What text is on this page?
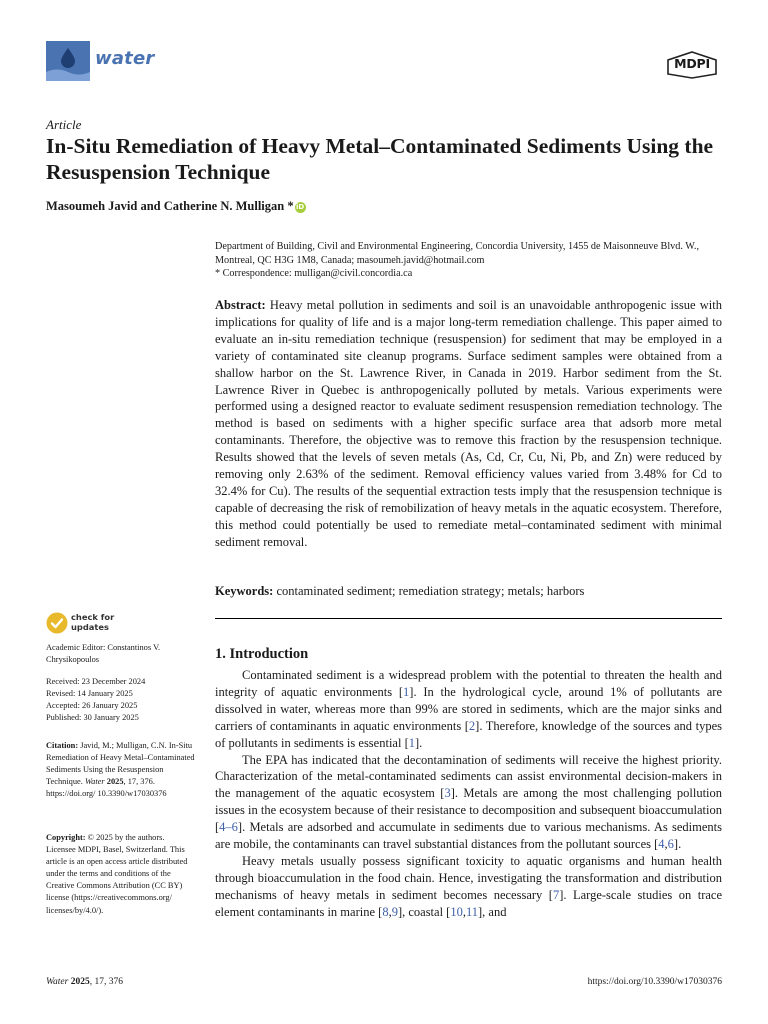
water	MDPI
Article
In-Situ Remediation of Heavy Metal–Contaminated Sediments Using the Resuspension Technique
Masoumeh Javid and Catherine N. Mulligan * iD

Department of Building, Civil and Environmental Engineering, Concordia University, 1455 de Maisonneuve Blvd. W., Montreal, QC H3G 1M8, Canada; masoumeh.javid@hotmail.com

* Correspondence: mulligan@civil.concordia.ca

Abstract: Heavy metal pollution in sediments and soil is an unavoidable anthropogenic issue with implications for quality of life and is a major long-term remediation challenge. This paper aimed to evaluate an in-situ remediation technique (resuspension) for sediment that may be employed in a variety of contaminated site cleanup programs. Surface sediment samples were obtained from a shallow harbor on the St. Lawrence River, in Canada in 2019. Harbor sediment from the St. Lawrence River in Quebec is anthropogenically polluted by metals. Various experiments were performed using a designed reactor to evaluate sediment resuspension remediation technology. The method is based on sediments with a higher specific surface area that adsorb more metal contaminants. Therefore, the objective was to remove this fraction by the resuspension technique. Results showed that the levels of seven metals (As, Cd, Cr, Cu, Ni, Pb, and Zn) were reduced by removing only 2.63% of the sediment. Removal efficiency values varied from 3.48% for Cd to 32.4% for Cu). The results of the sequential extraction tests imply that the resuspension technique is capable of decreasing the risk of remobilization of heavy metals in the aquatic ecosystem. Therefore, this method could potentially be used to remediate metal–contaminated sediment with minimal sediment removal.
Keywords: contaminated sediment; remediation strategy; metals; harbors
check for
updates
Academic Editor: Constantinos V. Chrysikopoulos

Received: 23 December 2024

Revised: 14 January 2025

Accepted: 26 January 2025

Published: 30 January 2025

Citation: Javid, M.; Mulligan, C.N. In-Situ Remediation of Heavy Metal–Contaminated Sediments Using the Resuspension Technique. Water 2025, 17, 376. https://doi.org/ 10.3390/w17030376
Copyright: © 2025 by the authors. Licensee MDPI, Basel, Switzerland. This article is an open access article distributed under the terms and conditions of the Creative Commons Attribution (CC BY) license (https://creativecommons.org/ licenses/by/4.0/).
1. Introduction

Contaminated sediment is a widespread problem with the potential to threaten the health and integrity of aquatic environments [1]. In the hydrological cycle, around 1% of pollutants are dissolved in water, whereas more than 99% are stored in sediments, which are the major sinks and carriers of contaminants in aquatic environments [2]. Therefore, knowledge of the sources and types of pollutants in sediments is essential [1].

The EPA has indicated that the decontamination of sediments will receive the highest priority. Characterization of the metal-contaminated sediments can assist environmental decision-makers in the management of the aquatic ecosystem [3]. Metals are among the most challenging pollution issues in the ecosystem because of their resistance to decomposition and subsequent bioaccumulation [4–6]. Metals are adsorbed and accumulate in sediments due to various mechanisms. As sediments are mobile, the contaminants can travel substantial distances from the pollutant sources [4,6].

Heavy metals usually possess significant toxicity to aquatic organisms and human health through bioaccumulation in the food chain. Hence, investigating the transformation and distribution mechanisms of heavy metals in sediment becomes necessary [7]. Large-scale studies on trace element contaminants in marine [8,9], coastal [10,11], and

Water 2025, 17, 376	https://doi.org/10.3390/w17030376
